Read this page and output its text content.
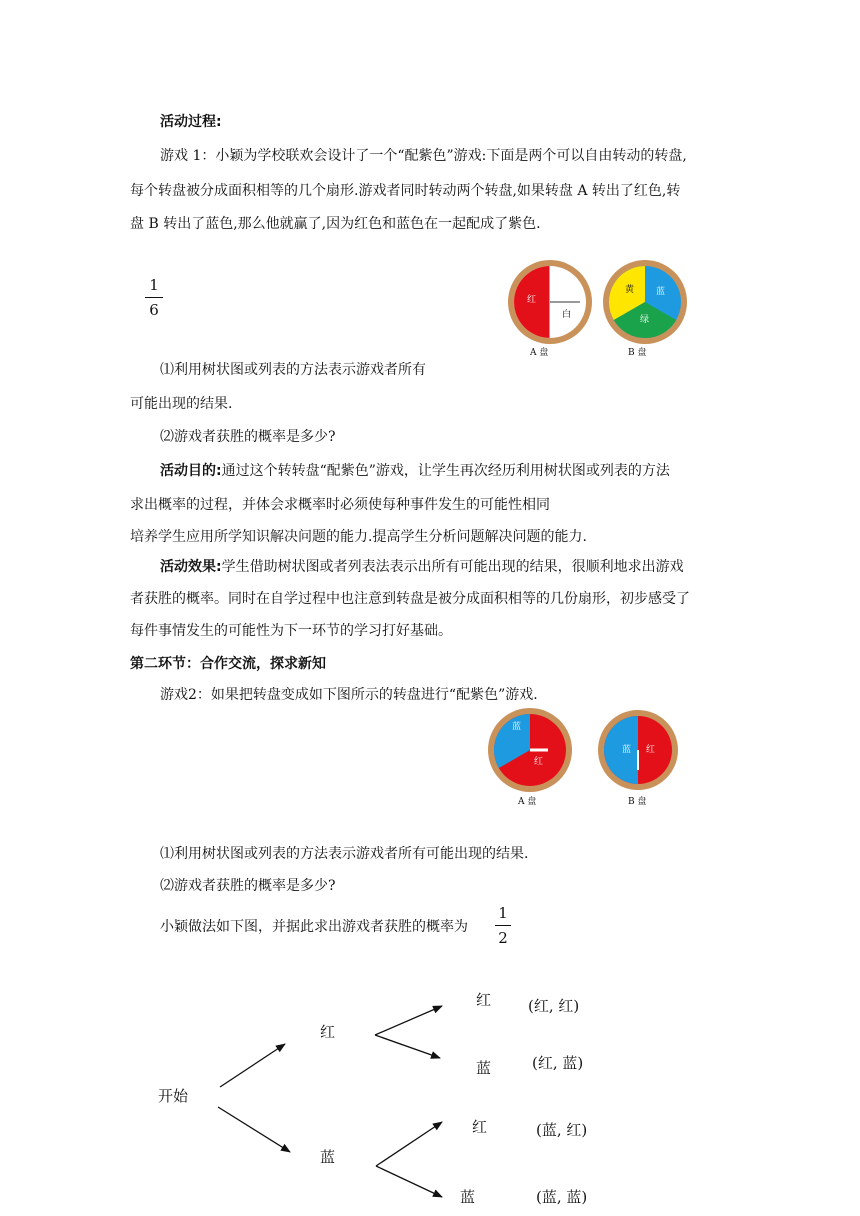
活动过程:
游戏 1：小颖为学校联欢会设计了一个“配紫色”游戏:下面是两个可以自由转动的转盘,
每个转盘被分成面积相等的几个扇形.游戏者同时转动两个转盘,如果转盘 A 转出了红色,转
盘 B 转出了蓝色,那么他就赢了,因为红色和蓝色在一起配成了紫色.
1
6
红
白
A 盘
黄 蓝
绿
B 盘
⑴利用树状图或列表的方法表示游戏者所有
可能出现的结果.
⑵游戏者获胜的概率是多少?
活动目的:通过这个转转盘“配紫色”游戏，让学生再次经历利用树状图或列表的方法
求出概率的过程，并体会求概率时必须使每种事件发生的可能性相同
培养学生应用所学知识解决问题的能力.提高学生分析问题解决问题的能力.
活动效果:学生借助树状图或者列表法表示出所有可能出现的结果，很顺利地求出游戏
者获胜的概率。同时在自学过程中也注意到转盘是被分成面积相等的几份扇形，初步感受了
每件事情发生的可能性为下一环节的学习打好基础。
第二环节：合作交流，探求新知
游戏2：如果把转盘变成如下图所示的转盘进行“配紫色”游戏.
蓝
红
A 盘
蓝 红
B 盘
⑴利用树状图或列表的方法表示游戏者所有可能出现的结果.
⑵游戏者获胜的概率是多少?
小颖做法如下图，并据此求出游戏者获胜的概率为
1
2
开始
红
蓝
红
蓝
红
蓝
(红, 红)
(红, 蓝)
(蓝, 红)
(蓝, 蓝)
